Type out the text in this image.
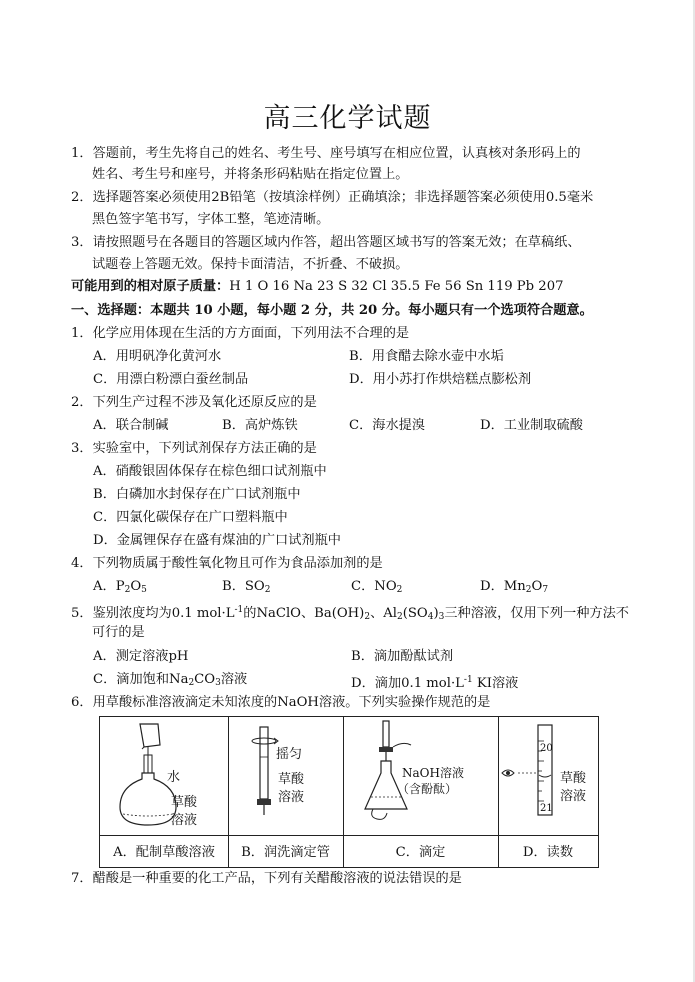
高三化学试题
1．答题前，考生先将自己的姓名、考生号、座号填写在相应位置，认真核对条形码上的
姓名、考生号和座号，并将条形码粘贴在指定位置上。
2．选择题答案必须使用2B铅笔（按填涂样例）正确填涂；非选择题答案必须使用0.5毫米
黑色签字笔书写，字体工整，笔迹清晰。
3．请按照题号在各题目的答题区域内作答，超出答题区域书写的答案无效；在草稿纸、
试题卷上答题无效。保持卡面清洁，不折叠、不破损。
可能用到的相对原子质量：H 1 O 16 Na 23 S 32 Cl 35.5 Fe 56 Sn 119 Pb 207
一、选择题：本题共 10 小题，每小题 2 分，共 20 分。每小题只有一个选项符合题意。
1．化学应用体现在生活的方方面面，下列用法不合理的是
A．用明矾净化黄河水	B．用食醋去除水壶中水垢
C．用漂白粉漂白蚕丝制品	D．用小苏打作烘焙糕点膨松剂
2．下列生产过程不涉及氧化还原反应的是
A．联合制碱	B．高炉炼铁	C．海水提溴	D．工业制取硫酸
3．实验室中，下列试剂保存方法正确的是
A．硝酸银固体保存在棕色细口试剂瓶中
B．白磷加水封保存在广口试剂瓶中
C．四氯化碳保存在广口塑料瓶中
D．金属锂保存在盛有煤油的广口试剂瓶中
4．下列物质属于酸性氧化物且可作为食品添加剂的是
A．$P_2O_5$	B．$SO_2$	C．$NO_2$	D．$Mn_2O_7$
5．鉴别浓度均为0.1 $mol\cdot L^{-1}$的NaClO、$Ba(OH)_2$、$Al_2(SO_4)_3$三种溶液，仅用下列一种方法不
可行的是
A．测定溶液pH	B．滴加酚酞试剂
C．滴加饱和$Na_2CO_3$溶液	D．滴加0.1 $mol\cdot L^{-1}$ KI溶液
6．用草酸标准溶液滴定未知浓度的NaOH溶液。下列实验操作规范的是
水
草酸
溶液
摇匀
草酸
溶液
NaOH溶液
（含酚酞）
20
21
草酸
溶液
A．配制草酸溶液	B．润洗滴定管	C．滴定	D．读数
7．醋酸是一种重要的化工产品，下列有关醋酸溶液的说法错误的是
